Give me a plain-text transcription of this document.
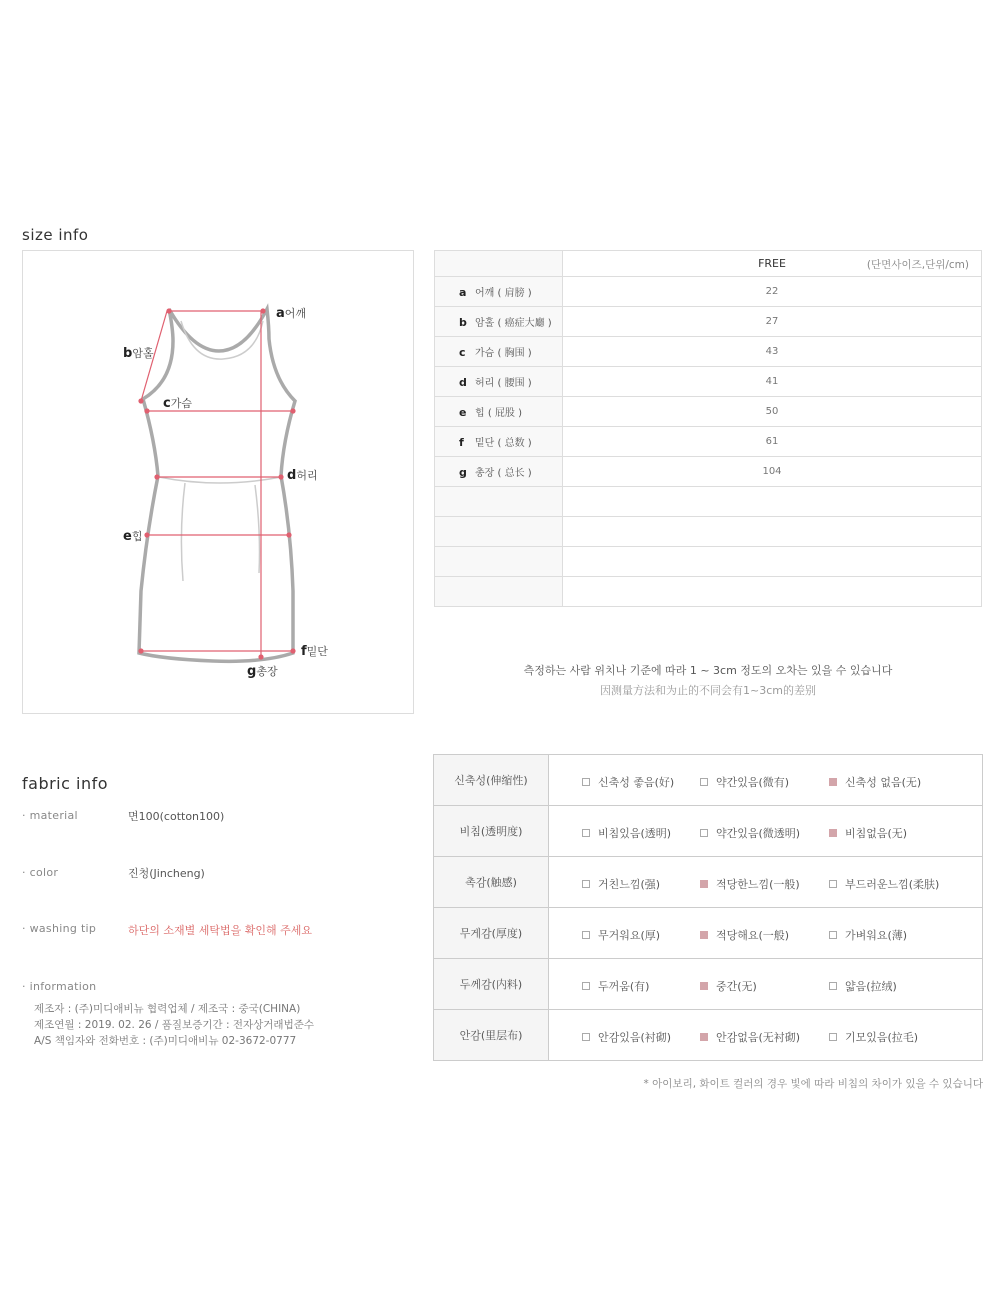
size info
a어깨
b암홀
c가슴
d허리
e힙
f밑단
g총장
	FREE (단면사이즈,단위/cm)

a 어깨 ( 肩膀 )	22
b 암홀 ( 癌症大廳 )	27
c 가슴 ( 胸围 )	43
d 허리 ( 腰围 )	41
e 힙 ( 屁股 )	50
f 밑단 ( 总数 )	61
g 총장 ( 总长 )	104

측정하는 사람 위치나 기준에 따라 1 ~ 3cm 정도의 오차는 있을 수 있습니다
因测量方法和为止的不同会有1~3cm的差别
fabric info
· material	면100(cotton100)
· color	진청(Jincheng)
· washing tip	하단의 소재별 세탁법을 확인해 주세요
· information
제조자 : (주)미디애비뉴 협력업체 / 제조국 : 중국(CHINA)
제조연월 : 2019. 02. 26 / 품질보증기간 : 전자상거래법준수
A/S 책임자와 전화번호 : (주)미디애비뉴 02-3672-0777
신축성(伸缩性)	신축성 좋음(好) 약간있음(微有) 신축성 없음(无)

비침(透明度)	비침있음(透明) 약간있음(微透明) 비침없음(无)

촉감(触感)	거친느낌(强) 적당한느낌(一般) 부드러운느낌(柔肤)

무게감(厚度)	무거워요(厚) 적당해요(一般) 가벼워요(薄)

두께감(内料)	두꺼움(有) 중간(无) 얇음(拉绒)

안감(里层布)	안감있음(衬砌) 안감없음(无衬砌) 기모있음(拉毛)
* 아이보리, 화이트 컬러의 경우 빛에 따라 비침의 차이가 있을 수 있습니다
